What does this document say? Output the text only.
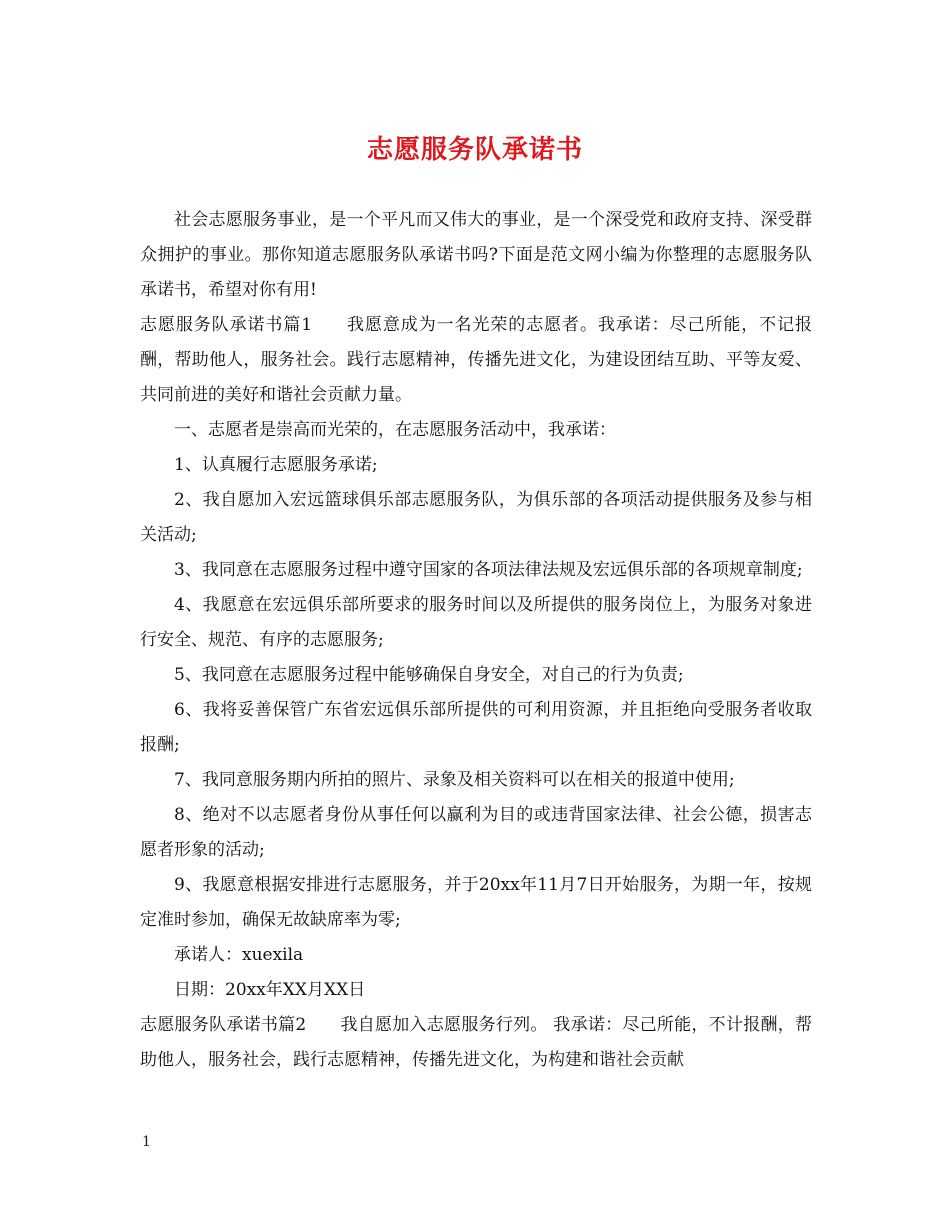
志愿服务队承诺书

社会志愿服务事业，是一个平凡而又伟大的事业，是一个深受党和政府支持、深受群众拥护的事业。那你知道志愿服务队承诺书吗?下面是范文网小编为你整理的志愿服务队承诺书，希望对你有用!

志愿服务队承诺书篇1 我愿意成为一名光荣的志愿者。我承诺：尽己所能，不记报酬，帮助他人，服务社会。践行志愿精神，传播先进文化，为建设团结互助、平等友爱、共同前进的美好和谐社会贡献力量。

一、志愿者是崇高而光荣的，在志愿服务活动中，我承诺：

1、认真履行志愿服务承诺;

2、我自愿加入宏远篮球俱乐部志愿服务队，为俱乐部的各项活动提供服务及参与相关活动;

3、我同意在志愿服务过程中遵守国家的各项法律法规及宏远俱乐部的各项规章制度;

4、我愿意在宏远俱乐部所要求的服务时间以及所提供的服务岗位上，为服务对象进行安全、规范、有序的志愿服务;

5、我同意在志愿服务过程中能够确保自身安全，对自己的行为负责;

6、我将妥善保管广东省宏远俱乐部所提供的可利用资源，并且拒绝向受服务者收取报酬;

7、我同意服务期内所拍的照片、录象及相关资料可以在相关的报道中使用;

8、绝对不以志愿者身份从事任何以赢利为目的或违背国家法律、社会公德，损害志愿者形象的活动;

9、我愿意根据安排进行志愿服务，并于20xx年11月7日开始服务，为期一年，按规定准时参加，确保无故缺席率为零;

承诺人：xuexila

日期：20xx年XX月XX日

志愿服务队承诺书篇2 我自愿加入志愿服务行列。 我承诺：尽己所能，不计报酬，帮助他人，服务社会，践行志愿精神，传播先进文化，为构建和谐社会贡献

1
